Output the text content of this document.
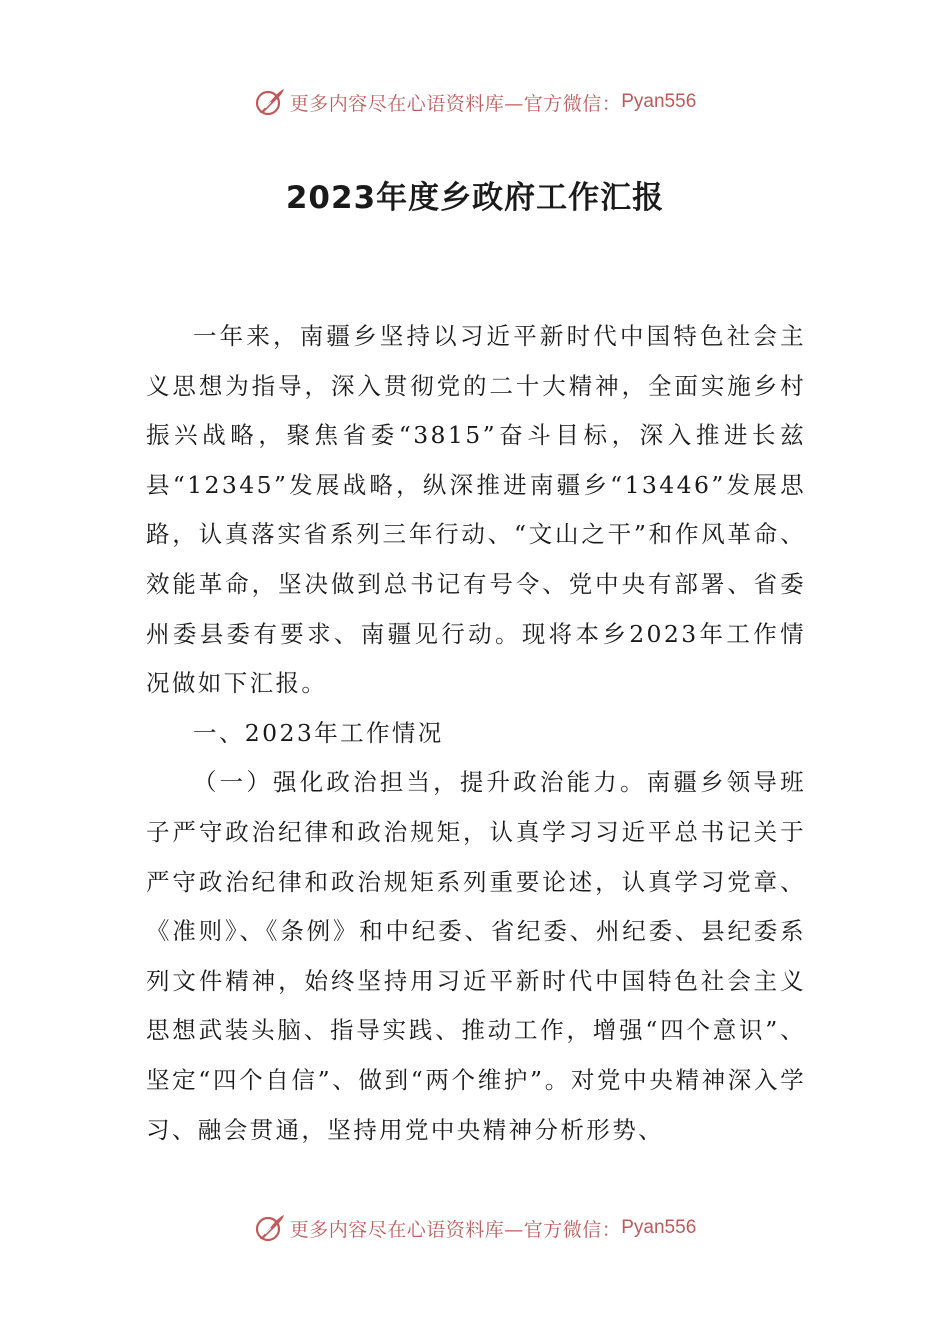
更多内容尽在心语资料库—官方微信： Pyan556
2023年度乡政府工作汇报

一年来，南疆乡坚持以习近平新时代中国特色社会主义思想为指导，深入贯彻党的二十大精神，全面实施乡村振兴战略，聚焦省委“3815”奋斗目标，深入推进长兹县“12345”发展战略，纵深推进南疆乡“13446”发展思路，认真落实省系列三年行动、“文山之干”和作风革命、效能革命，坚决做到总书记有号令、党中央有部署、省委州委县委有要求、南疆见行动。现将本乡2023年工作情况做如下汇报。

一、2023年工作情况

（一）强化政治担当，提升政治能力。南疆乡领导班子严守政治纪律和政治规矩，认真学习习近平总书记关于严守政治纪律和政治规矩系列重要论述，认真学习党章、《准则》、《条例》和中纪委、省纪委、州纪委、县纪委系列文件精神，始终坚持用习近平新时代中国特色社会主义思想武装头脑、指导实践、推动工作，增强“四个意识”、坚定“四个自信”、做到“两个维护”。对党中央精神深入学习、融会贯通，坚持用党中央精神分析形势、

更多内容尽在心语资料库—官方微信： Pyan556
